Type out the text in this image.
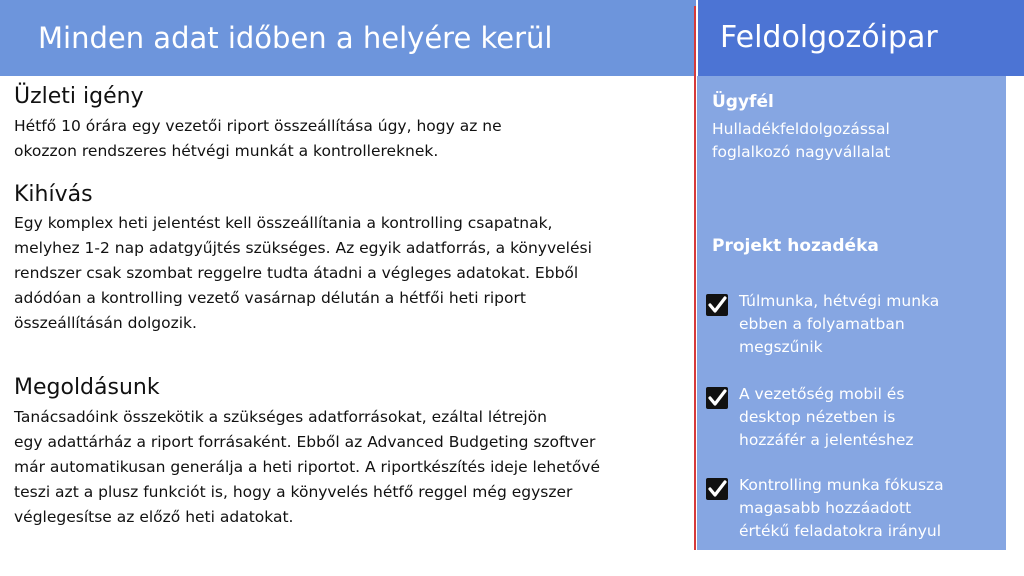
Minden adat időben a helyére kerül	Feldolgozóipar
Üzleti igény
Hétfő 10 órára egy vezetői riport összeállítása úgy, hogy az ne
okozzon rendszeres hétvégi munkát a kontrollereknek.
Kihívás
Egy komplex heti jelentést kell összeállítania a kontrolling csapatnak,
melyhez 1-2 nap adatgyűjtés szükséges. Az egyik adatforrás, a könyvelési
rendszer csak szombat reggelre tudta átadni a végleges adatokat. Ebből
adódóan a kontrolling vezető vasárnap délután a hétfői heti riport
összeállításán dolgozik.
Megoldásunk
Tanácsadóink összekötik a szükséges adatforrásokat, ezáltal létrejön
egy adattárház a riport forrásaként. Ebből az Advanced Budgeting szoftver
már automatikusan generálja a heti riportot. A riportkészítés ideje lehetővé
teszi azt a plusz funkciót is, hogy a könyvelés hétfő reggel még egyszer
véglegesítse az előző heti adatokat.
Ügyfél
Hulladékfeldolgozással
foglalkozó nagyvállalat
Projekt hozadéka
Túlmunka, hétvégi munka
ebben a folyamatban
megszűnik
A vezetőség mobil és
desktop nézetben is
hozzáfér a jelentéshez
Kontrolling munka fókusza
magasabb hozzáadott
értékű feladatokra irányul
